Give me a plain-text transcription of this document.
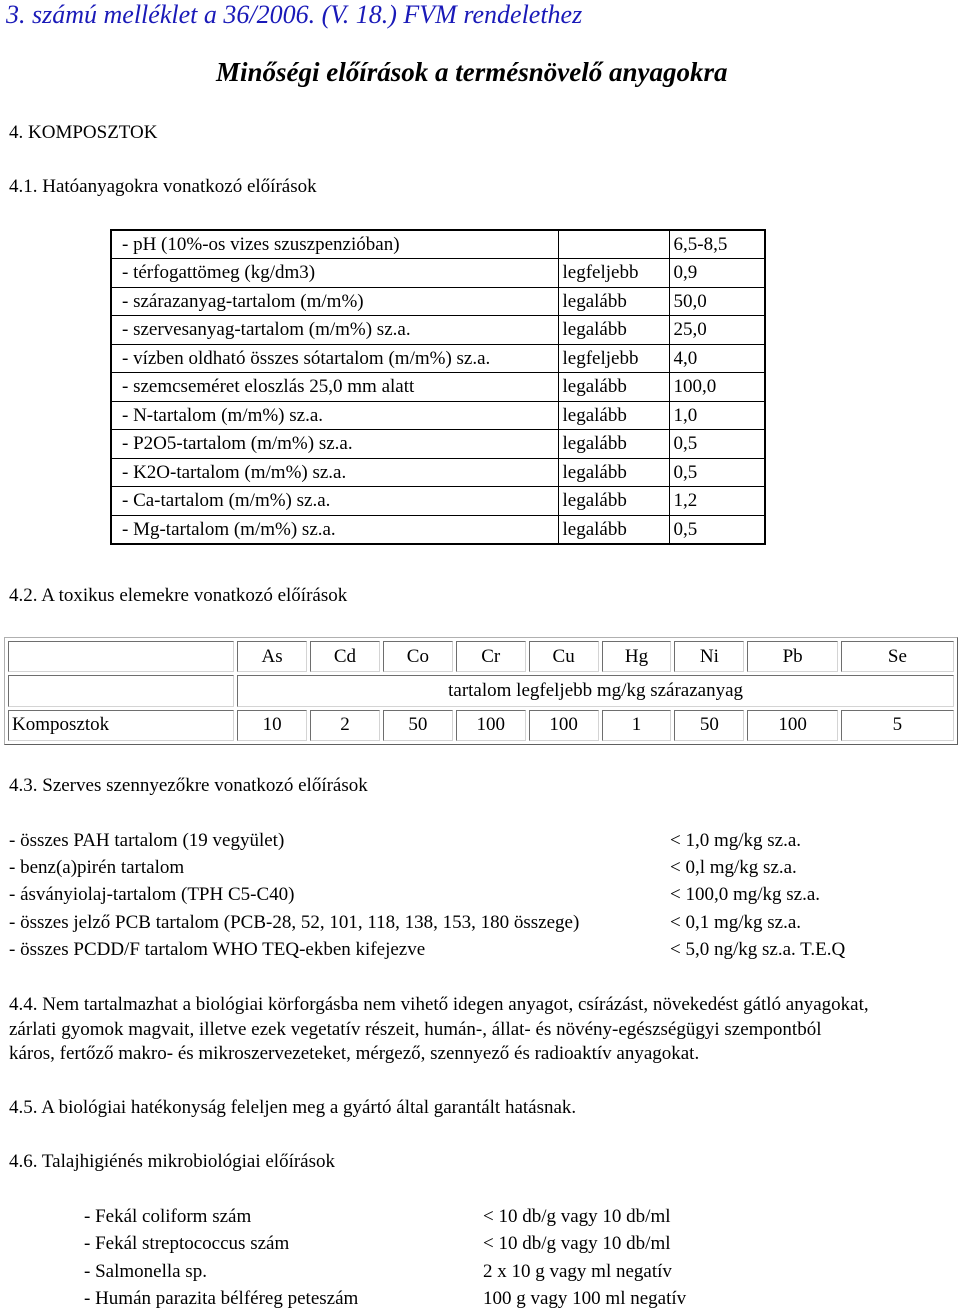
3. számú melléklet a 36/2006. (V. 18.) FVM rendelethez
Minőségi előírások a termésnövelő anyagokra
4. KOMPOSZTOK
4.1. Hatóanyagokra vonatkozó előírások
- pH (10%-os vizes szuszpenzióban)		6,5-8,5
- térfogattömeg (kg/dm3)	legfeljebb	0,9
- szárazanyag-tartalom (m/m%)	legalább	50,0
- szervesanyag-tartalom (m/m%) sz.a.	legalább	25,0
- vízben oldható összes sótartalom (m/m%) sz.a.	legfeljebb	4,0
- szemcseméret eloszlás 25,0 mm alatt	legalább	100,0
- N-tartalom (m/m%) sz.a.	legalább	1,0
- P2O5-tartalom (m/m%) sz.a.	legalább	0,5
- K2O-tartalom (m/m%) sz.a.	legalább	0,5
- Ca-tartalom (m/m%) sz.a.	legalább	1,2
- Mg-tartalom (m/m%) sz.a.	legalább	0,5
4.2. A toxikus elemekre vonatkozó előírások
	As	Cd	Co	Cr	Cu	Hg	Ni	Pb	Se
	tartalom legfeljebb mg/kg szárazanyag								
Komposztok	10	2	50	100	100	1	50	100	5
4.3. Szerves szennyezőkre vonatkozó előírások
- összes PAH tartalom (19 vegyület)	< 1,0 mg/kg sz.a.
- benz(a)pirén tartalom	< 0,l mg/kg sz.a.
- ásványiolaj-tartalom (TPH C5-C40)	< 100,0 mg/kg sz.a.
- összes jelző PCB tartalom (PCB-28, 52, 101, 118, 138, 153, 180 összege)	< 0,1 mg/kg sz.a.
- összes PCDD/F tartalom WHO TEQ-ekben kifejezve	< 5,0 ng/kg sz.a. T.E.Q
4.4. Nem tartalmazhat a biológiai körforgásba nem vihető idegen anyagot, csírázást, növekedést gátló anyagokat,
zárlati gyomok magvait, illetve ezek vegetatív részeit, humán-, állat- és növény-egészségügyi szempontból
káros, fertőző makro- és mikroszervezeteket, mérgező, szennyező és radioaktív anyagokat.
4.5. A biológiai hatékonyság feleljen meg a gyártó által garantált hatásnak.
4.6. Talajhigiénés mikrobiológiai előírások
- Fekál coliform szám	< 10 db/g vagy 10 db/ml
- Fekál streptococcus szám	< 10 db/g vagy 10 db/ml
- Salmonella sp.	2 x 10 g vagy ml negatív
- Humán parazita bélféreg peteszám	100 g vagy 100 ml negatív
